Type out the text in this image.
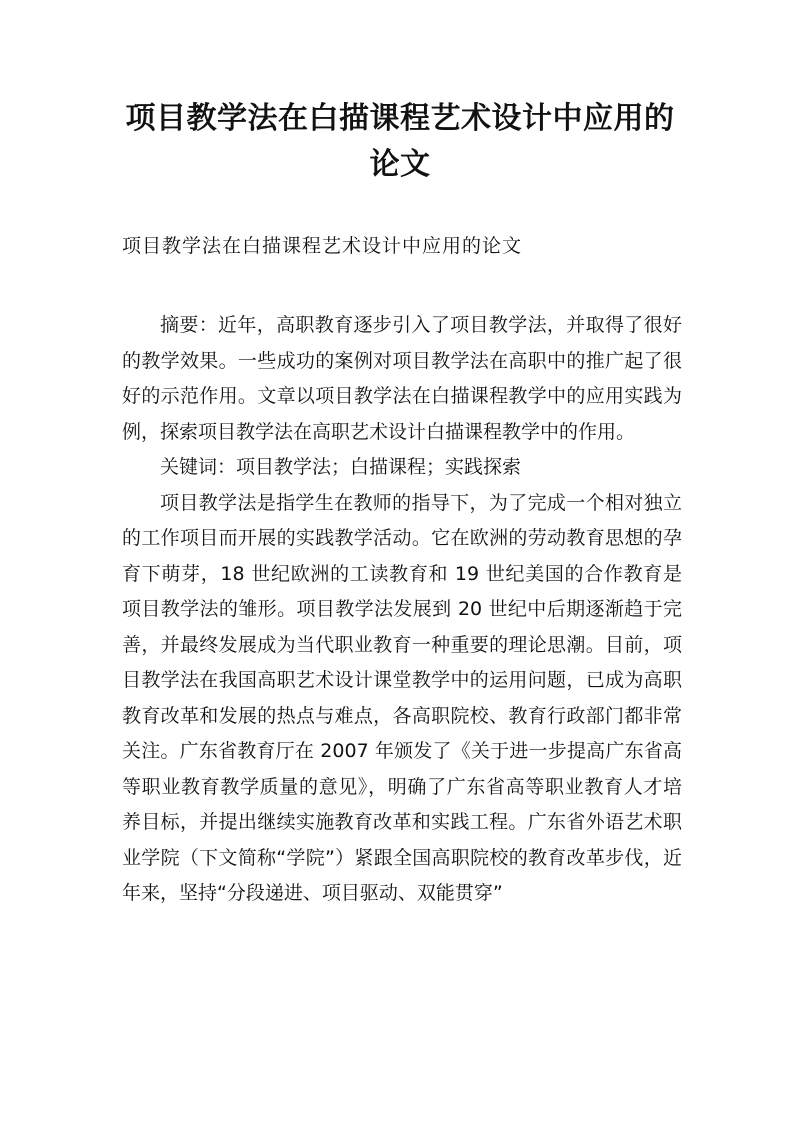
项目教学法在白描课程艺术设计中应用的
论文
项目教学法在白描课程艺术设计中应用的论文

摘要：近年，高职教育逐步引入了项目教学法，并取得了很好的教学效果。一些成功的案例对项目教学法在高职中的推广起了很好的示范作用。文章以项目教学法在白描课程教学中的应用实践为例，探索项目教学法在高职艺术设计白描课程教学中的作用。

关键词：项目教学法；白描课程；实践探索

项目教学法是指学生在教师的指导下，为了完成一个相对独立的工作项目而开展的实践教学活动。它在欧洲的劳动教育思想的孕育下萌芽，18 世纪欧洲的工读教育和 19 世纪美国的合作教育是项目教学法的雏形。项目教学法发展到 20 世纪中后期逐渐趋于完善，并最终发展成为当代职业教育一种重要的理论思潮。目前，项目教学法在我国高职艺术设计课堂教学中的运用问题，已成为高职教育改革和发展的热点与难点，各高职院校、教育行政部门都非常关注。广东省教育厅在 2007 年颁发了《关于进一步提高广东省高等职业教育教学质量的意见》，明确了广东省高等职业教育人才培养目标，并提出继续实施教育改革和实践工程。广东省外语艺术职业学院（下文简称“学院”）紧跟全国高职院校的教育改革步伐，近年来，坚持“分段递进、项目驱动、双能贯穿”
